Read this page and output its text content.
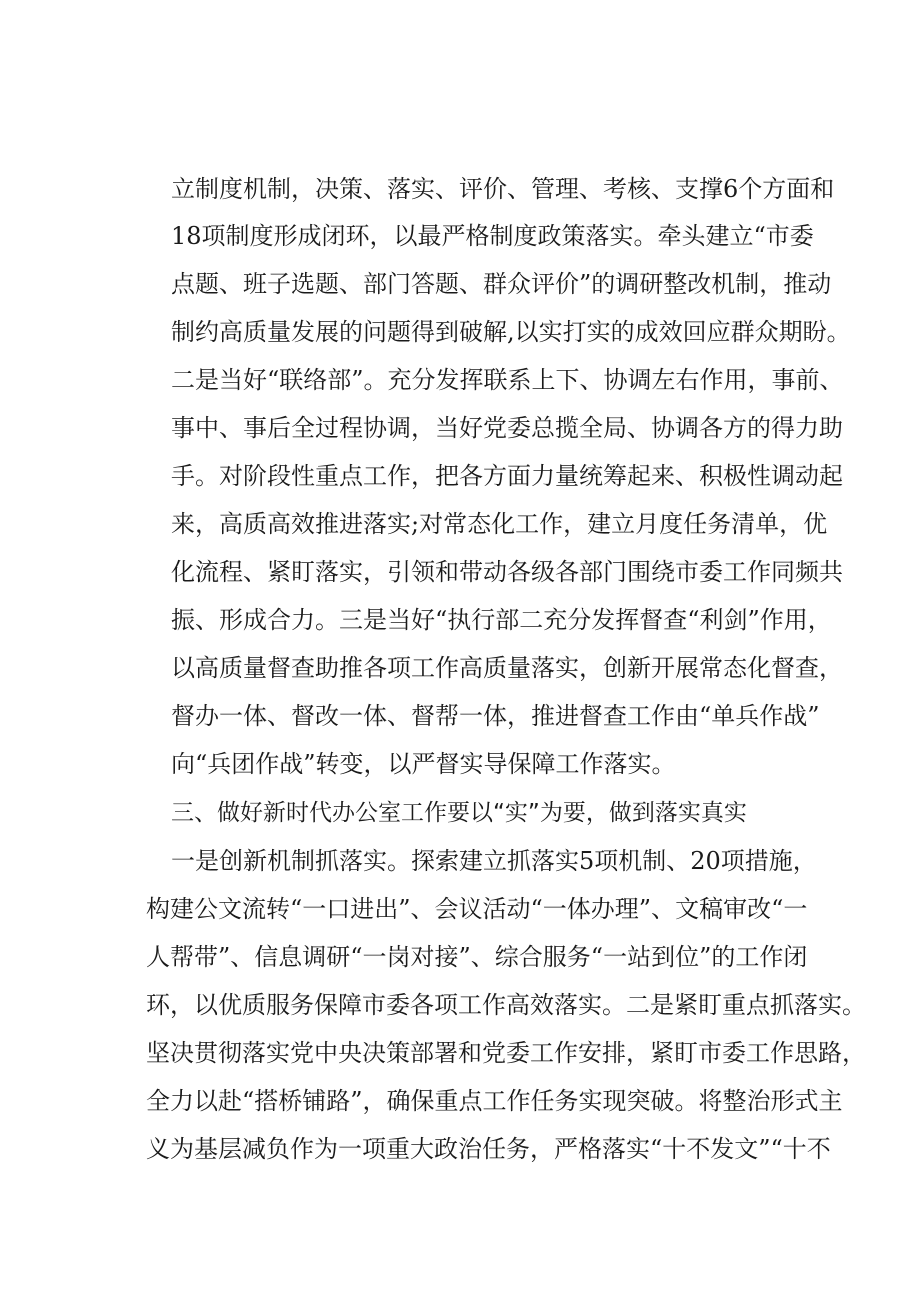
立制度机制，决策、落实、评价、管理、考核、支撑6个方面和
18项制度形成闭环，以最严格制度政策落实。牵头建立“市委
点题、班子选题、部门答题、群众评价”的调研整改机制，推动
制约高质量发展的问题得到破解,以实打实的成效回应群众期盼。
二是当好“联络部”。充分发挥联系上下、协调左右作用，事前、
事中、事后全过程协调，当好党委总揽全局、协调各方的得力助
手。对阶段性重点工作，把各方面力量统筹起来、积极性调动起
来，高质高效推进落实;对常态化工作，建立月度任务清单，优
化流程、紧盯落实，引领和带动各级各部门围绕市委工作同频共
振、形成合力。三是当好“执行部二充分发挥督查“利剑”作用，
以高质量督查助推各项工作高质量落实，创新开展常态化督查，
督办一体、督改一体、督帮一体，推进督查工作由“单兵作战”
向“兵团作战”转变，以严督实导保障工作落实。
三、做好新时代办公室工作要以“实”为要，做到落实真实
一是创新机制抓落实。探索建立抓落实5项机制、20项措施，
构建公文流转“一口进出”、会议活动“一体办理”、文稿审改“一
人帮带”、信息调研“一岗对接”、综合服务“一站到位”的工作闭
环，以优质服务保障市委各项工作高效落实。二是紧盯重点抓落实。
坚决贯彻落实党中央决策部署和党委工作安排，紧盯市委工作思路，
全力以赴“搭桥铺路”，确保重点工作任务实现突破。将整治形式主
义为基层减负作为一项重大政治任务，严格落实“十不发文”“十不
